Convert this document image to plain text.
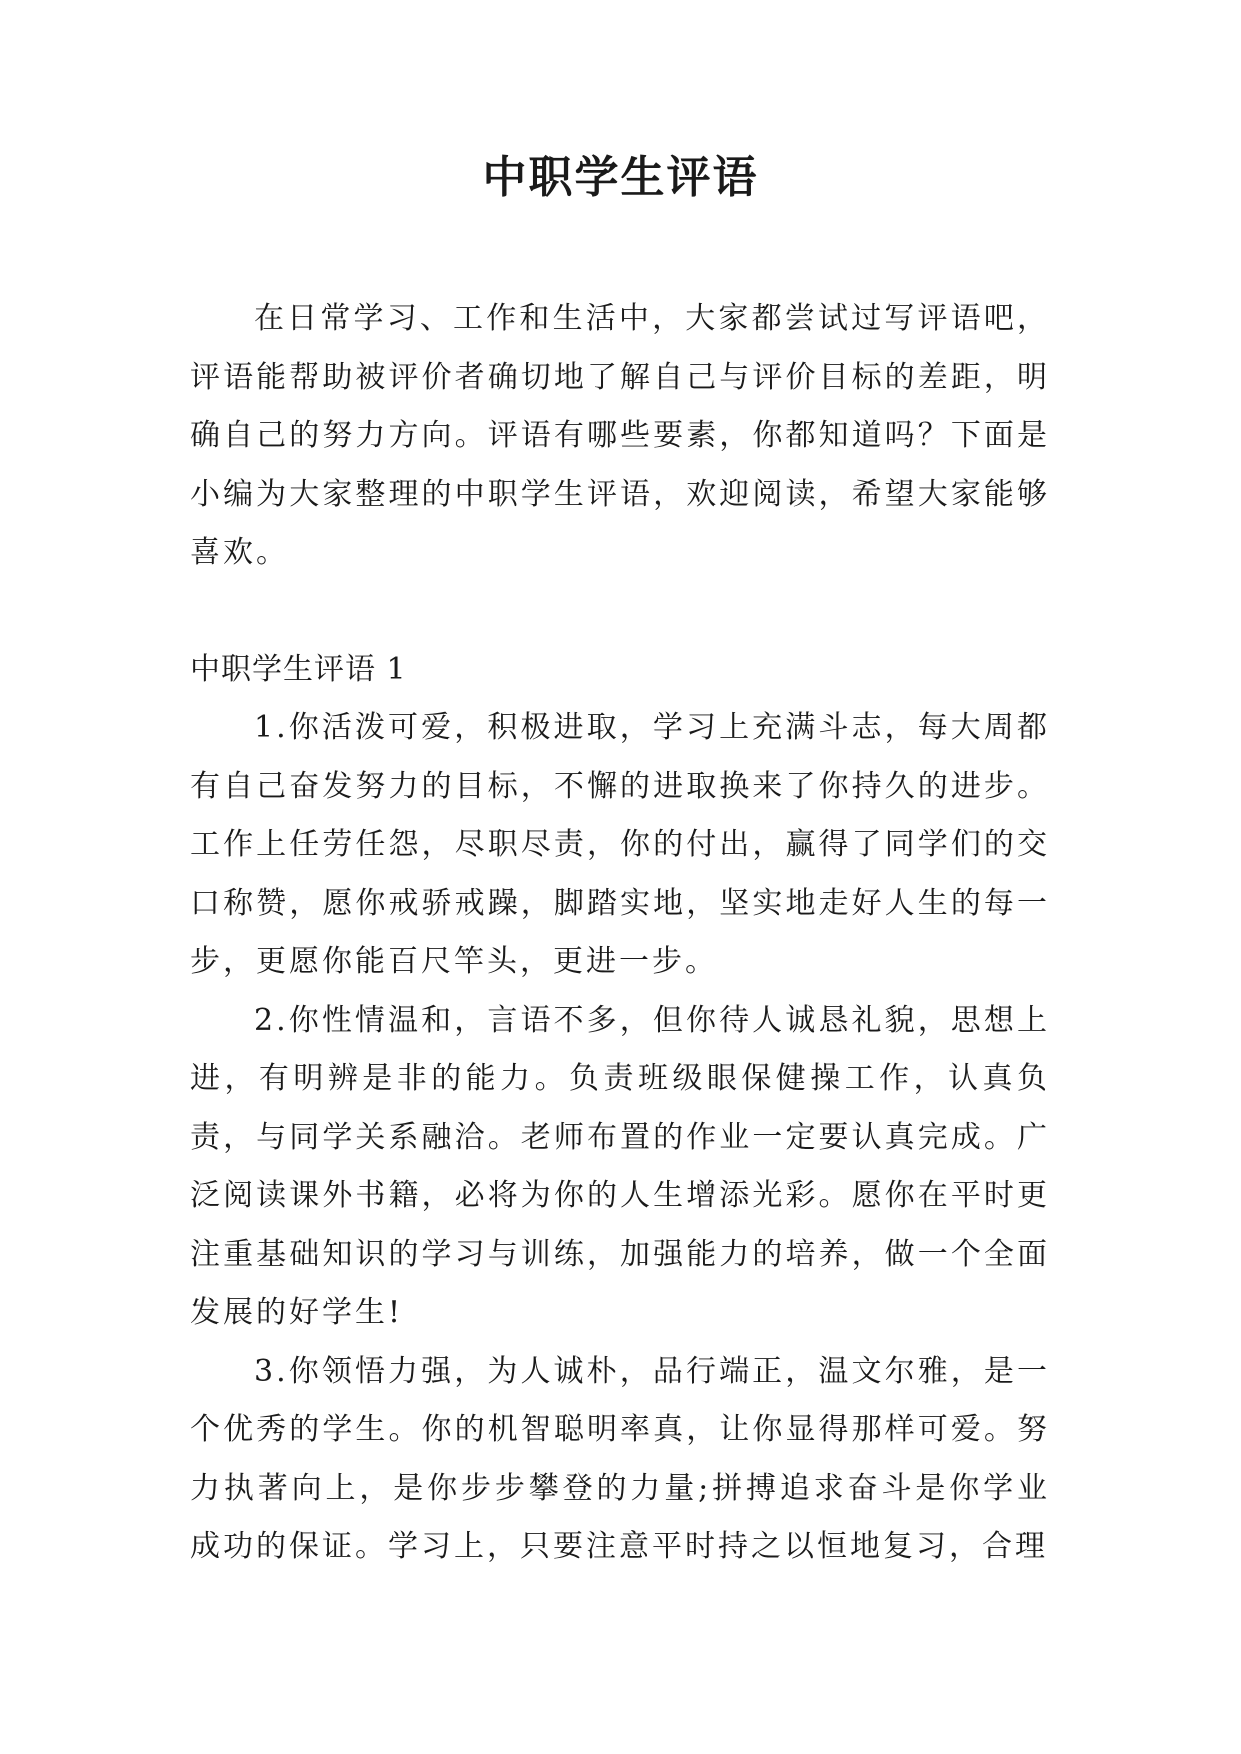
中职学生评语

在日常学习、工作和生活中，大家都尝试过写评语吧，评语能帮助被评价者确切地了解自己与评价目标的差距，明确自己的努力方向。评语有哪些要素，你都知道吗？下面是小编为大家整理的中职学生评语，欢迎阅读，希望大家能够喜欢。

中职学生评语 1

1.你活泼可爱，积极进取，学习上充满斗志，每大周都有自己奋发努力的目标，不懈的进取换来了你持久的进步。工作上任劳任怨，尽职尽责，你的付出，赢得了同学们的交口称赞，愿你戒骄戒躁，脚踏实地，坚实地走好人生的每一步，更愿你能百尺竿头，更进一步。

2.你性情温和，言语不多，但你待人诚恳礼貌，思想上进，有明辨是非的能力。负责班级眼保健操工作，认真负责，与同学关系融洽。老师布置的作业一定要认真完成。广泛阅读课外书籍，必将为你的人生增添光彩。愿你在平时更注重基础知识的学习与训练，加强能力的培养，做一个全面发展的好学生!

3.你领悟力强，为人诚朴，品行端正，温文尔雅，是一个优秀的学生。你的机智聪明率真，让你显得那样可爱。努力执著向上，是你步步攀登的力量;拼搏追求奋斗是你学业成功的保证。学习上，只要注意平时持之以恒地复习，合理
